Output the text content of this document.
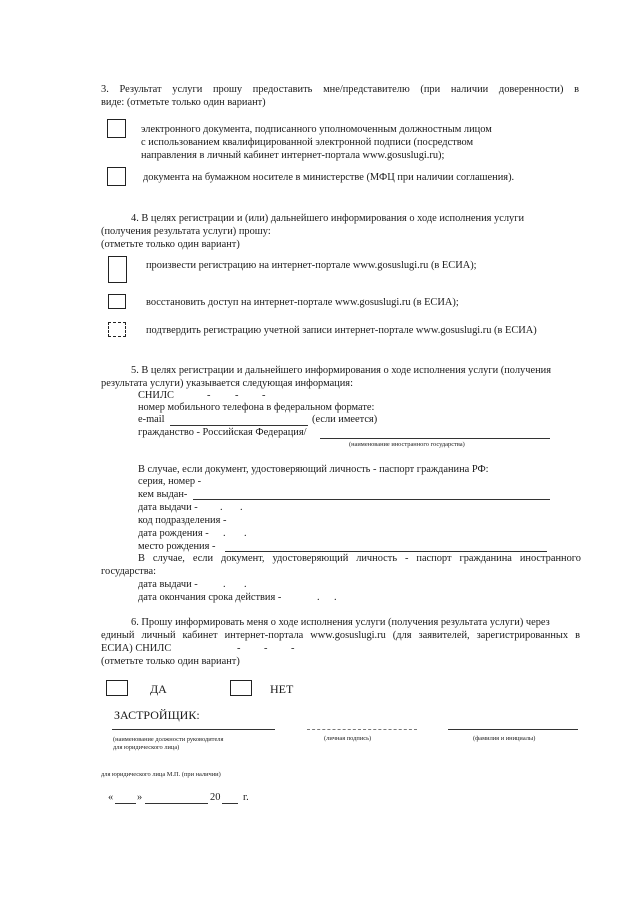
3. Результат услуги прошу предоставить мне/представителю (при наличии доверенности) в
виде: (отметьте только один вариант)
электронного документа, подписанного уполномоченным должностным лицом
с использованием квалифицированной электронной подписи (посредством
направления в личный кабинет интернет-портала www.gosuslugi.ru);
документа на бумажном носителе в министерстве (МФЦ при наличии соглашения).
4. В целях регистрации и (или) дальнейшего информирования о ходе исполнения услуги
(получения результата услуги) прошу:
(отметьте только один вариант)
произвести регистрацию на интернет-портале www.gosuslugi.ru (в ЕСИА);
восстановить доступ на интернет-портале www.gosuslugi.ru (в ЕСИА);
подтвердить регистрацию учетной записи интернет-портале www.gosuslugi.ru (в ЕСИА)
5. В целях регистрации и дальнейшего информирования о ходе исполнения услуги (получения
результата услуги) указывается следующая информация:
СНИЛС	- - -
номер мобильного телефона в федеральном формате:
e-mail	(если имеется)
гражданство - Российская Федерация/
(наименование иностранного государства)
В случае, если документ, удостоверяющий личность - паспорт гражданина РФ:
серия, номер -
кем выдан-
дата выдачи - . .
код подразделения -
дата рождения - . .
место рождения -
В случае, если документ, удостоверяющий личность - паспорт гражданина иностранного
государства:
дата выдачи - . .
дата окончания срока действия -	. .
6. Прошу информировать меня о ходе исполнения услуги (получения результата услуги) через
единый личный кабинет интернет-портала www.gosuslugi.ru (для заявителей, зарегистрированных в
ЕСИА) СНИЛС	- - -
(отметьте только один вариант)
ДА	НЕТ
ЗАСТРОЙЩИК:
(наименование должности руководителя
для юридического лица)
(личная подпись)	(фамилия и инициалы)
для юридического лица М.П. (при наличии)
« »	20 г.
